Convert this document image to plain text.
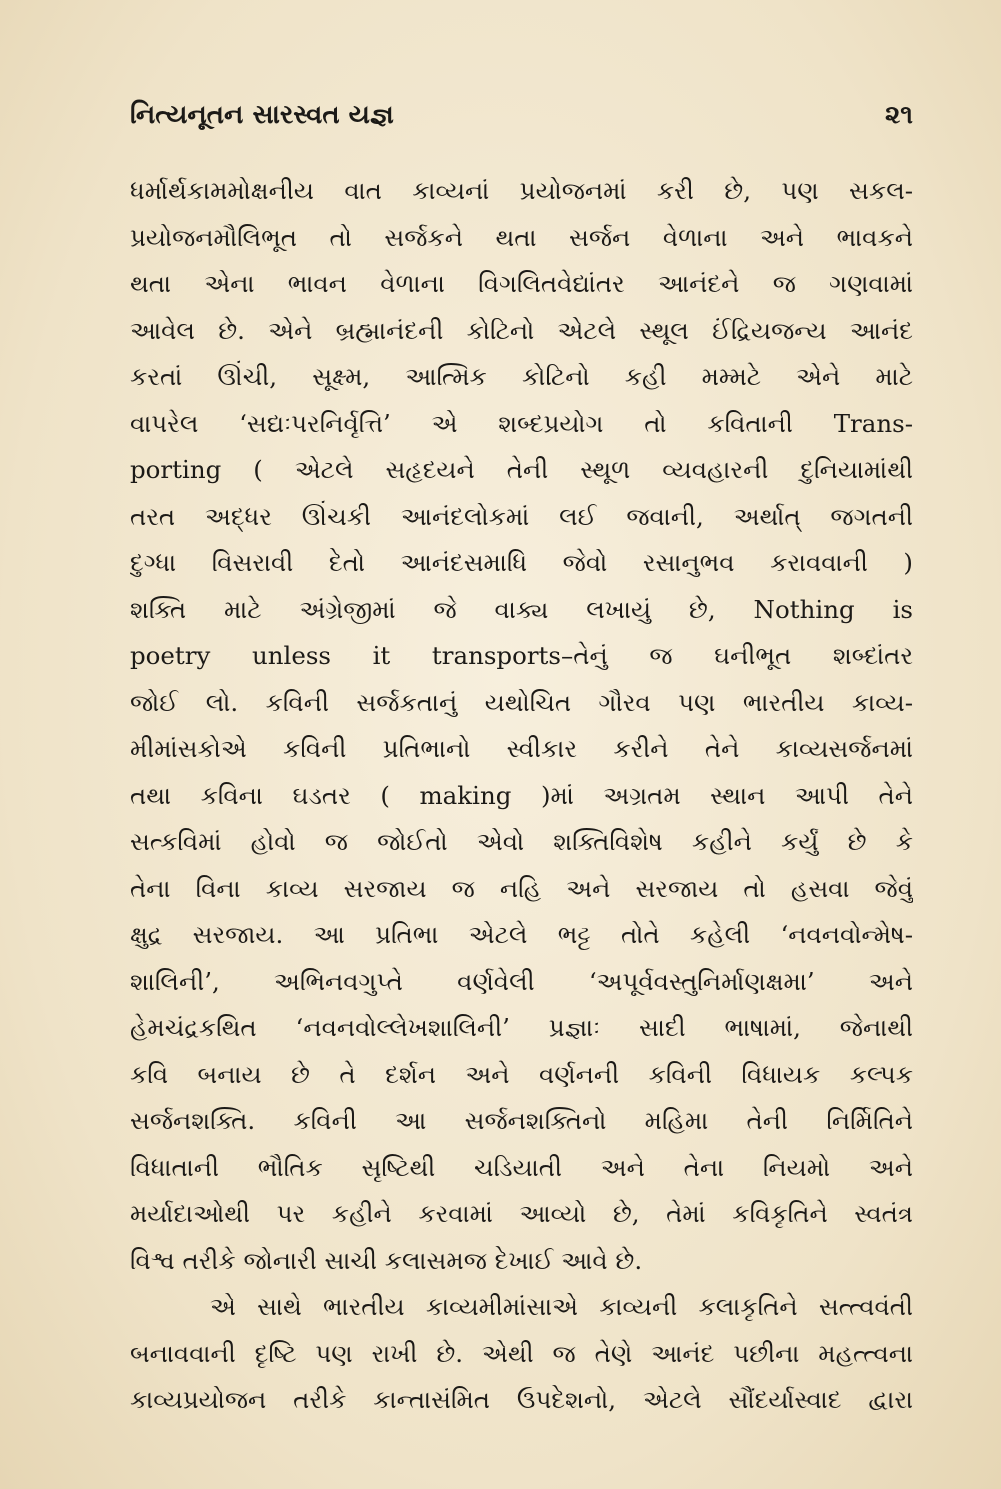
નિત્યનૂતન સારસ્વત યજ્ઞ	૨૧
ધર્માર્થકામમોક્ષનીય વાત કાવ્યનાં પ્રયોજનમાં કરી છે, પણ સકલ-
પ્રયોજનમૌલિભૂત તો સર્જકને થતા સર્જન વેળાના અને ભાવકને
થતા એના ભાવન વેળાના વિગલિતવેદ્યાંતર આનંદને જ ગણવામાં
આવેલ છે. એને બ્રહ્માનંદની કોટિનો એટલે સ્થૂલ ઈંદ્રિયજન્ય આનંદ
કરતાં ઊંચી, સૂક્ષ્મ, આત્મિક કોટિનો કહી મમ્મટે એને માટે
વાપરેલ ‘સદ્યઃપરનિર્વૃત્તિ’ એ શબ્દપ્રયોગ તો કવિતાની Trans-
porting ( એટલે સહૃદયને તેની સ્થૂળ વ્યવહારની દુનિયામાંથી
તરત અદ્ધર ઊંચકી આનંદલોકમાં લઈ જવાની, અર્થાત્ જગતની
દુગ્ધા વિસરાવી દેતો આનંદસમાધિ જેવો રસાનુભવ કરાવવાની )
શક્તિ માટે અંગ્રેજીમાં જે વાક્ય લખાયું છે, Nothing is
poetry unless it transports–તેનું જ ઘનીભૂત શબ્દાંતર
જોઈ લો. કવિની સર્જકતાનું યથોચિત ગૌરવ પણ ભારતીય કાવ્ય-
મીમાંસકોએ કવિની પ્રતિભાનો સ્વીકાર કરીને તેને કાવ્યસર્જનમાં
તથા કવિના ઘડતર ( making )માં અગ્રતમ સ્થાન આપી તેને
સત્કવિમાં હોવો જ જોઈતો એવો શક્તિવિશેષ કહીને કર્યું છે કે
તેના વિના કાવ્ય સરજાય જ નહિ અને સરજાય તો હસવા જેવું
ક્ષુદ્ર સરજાય. આ પ્રતિભા એટલે ભટ્ટ તોતે કહેલી ‘નવનવોન્મેષ-
શાલિની’, અભિનવગુપ્તે વર્ણવેલી ‘અપૂર્વવસ્તુનિર્માણક્ષમા’ અને
હેમચંદ્રકથિત ‘નવનવોલ્લેખશાલિની’ પ્રજ્ઞાઃ સાદી ભાષામાં, જેનાથી
કવિ બનાય છે તે દર્શન અને વર્ણનની કવિની વિધાયક કલ્પક
સર્જનશક્તિ. કવિની આ સર્જનશક્તિનો મહિમા તેની નિર્મિતિને
વિધાતાની ભૌતિક સૃષ્ટિથી ચડિયાતી અને તેના નિયમો અને
મર્યાદાઓથી પર કહીને કરવામાં આવ્યો છે, તેમાં કવિકૃતિને સ્વતંત્ર
વિશ્વ તરીકે જોનારી સાચી કલાસમજ દેખાઈ આવે છે.
એ સાથે ભારતીય કાવ્યમીમાંસાએ કાવ્યની કલાકૃતિને સત્ત્વવંતી
બનાવવાની દૃષ્ટિ પણ રાખી છે. એથી જ તેણે આનંદ પછીના મહત્ત્વના
કાવ્યપ્રયોજન તરીકે કાન્તાસંમિત ઉપદેશનો, એટલે સૌંદર્યાસ્વાદ દ્વારા
